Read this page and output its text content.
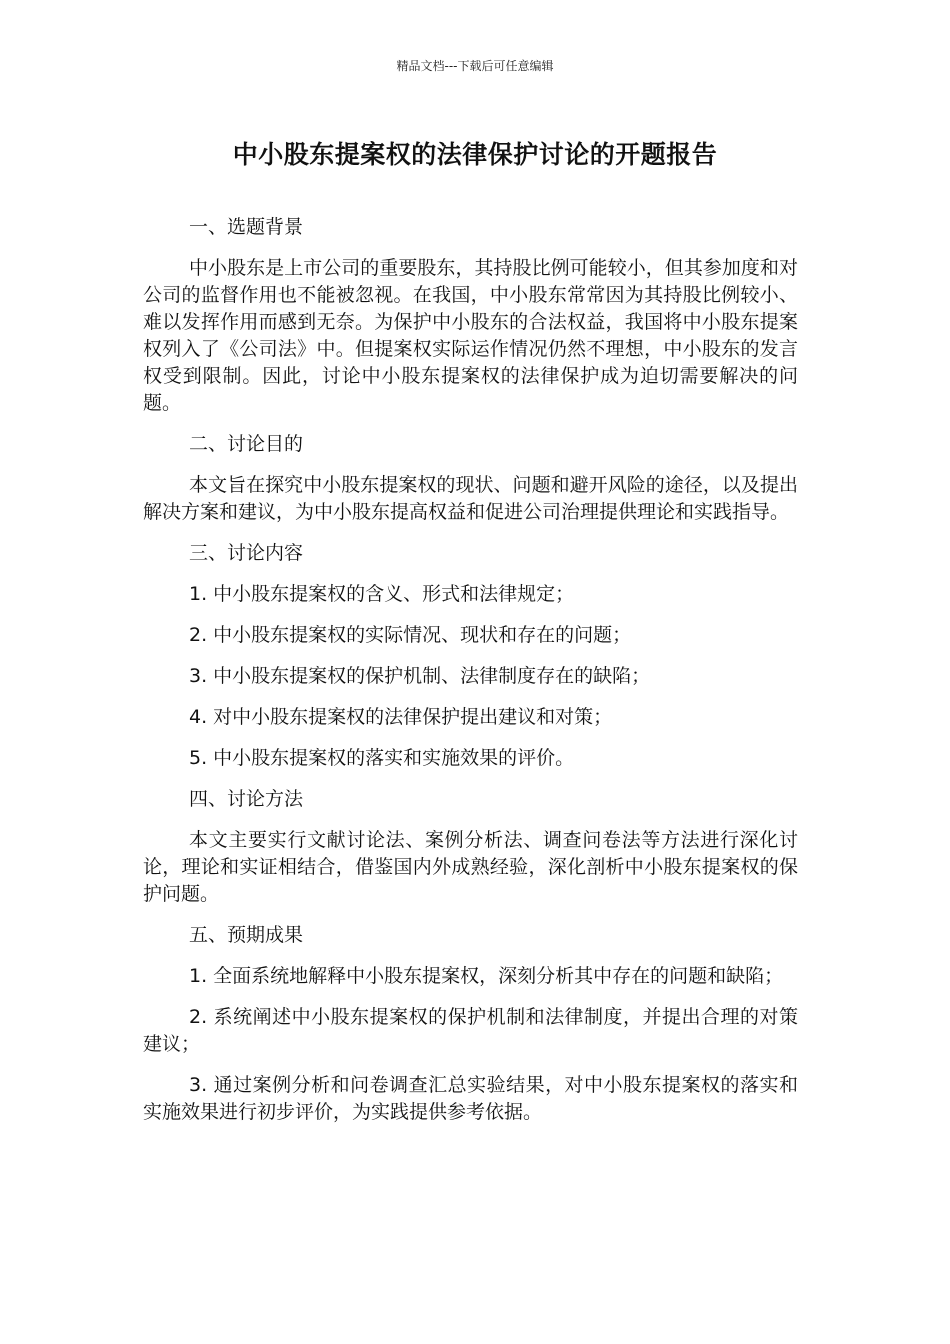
精品文档---下载后可任意编辑
中小股东提案权的法律保护讨论的开题报告
一、选题背景

中小股东是上市公司的重要股东，其持股比例可能较小，但其参加度和对公司的监督作用也不能被忽视。在我国，中小股东常常因为其持股比例较小、难以发挥作用而感到无奈。为保护中小股东的合法权益，我国将中小股东提案权列入了《公司法》中。但提案权实际运作情况仍然不理想，中小股东的发言权受到限制。因此，讨论中小股东提案权的法律保护成为迫切需要解决的问题。

二、讨论目的

本文旨在探究中小股东提案权的现状、问题和避开风险的途径，以及提出解决方案和建议，为中小股东提高权益和促进公司治理提供理论和实践指导。

三、讨论内容

1. 中小股东提案权的含义、形式和法律规定；

2. 中小股东提案权的实际情况、现状和存在的问题；

3. 中小股东提案权的保护机制、法律制度存在的缺陷；

4. 对中小股东提案权的法律保护提出建议和对策；

5. 中小股东提案权的落实和实施效果的评价。

四、讨论方法

本文主要实行文献讨论法、案例分析法、调查问卷法等方法进行深化讨论，理论和实证相结合，借鉴国内外成熟经验，深化剖析中小股东提案权的保护问题。

五、预期成果

1. 全面系统地解释中小股东提案权，深刻分析其中存在的问题和缺陷；

2. 系统阐述中小股东提案权的保护机制和法律制度，并提出合理的对策建议；

3. 通过案例分析和问卷调查汇总实验结果，对中小股东提案权的落实和实施效果进行初步评价，为实践提供参考依据。
